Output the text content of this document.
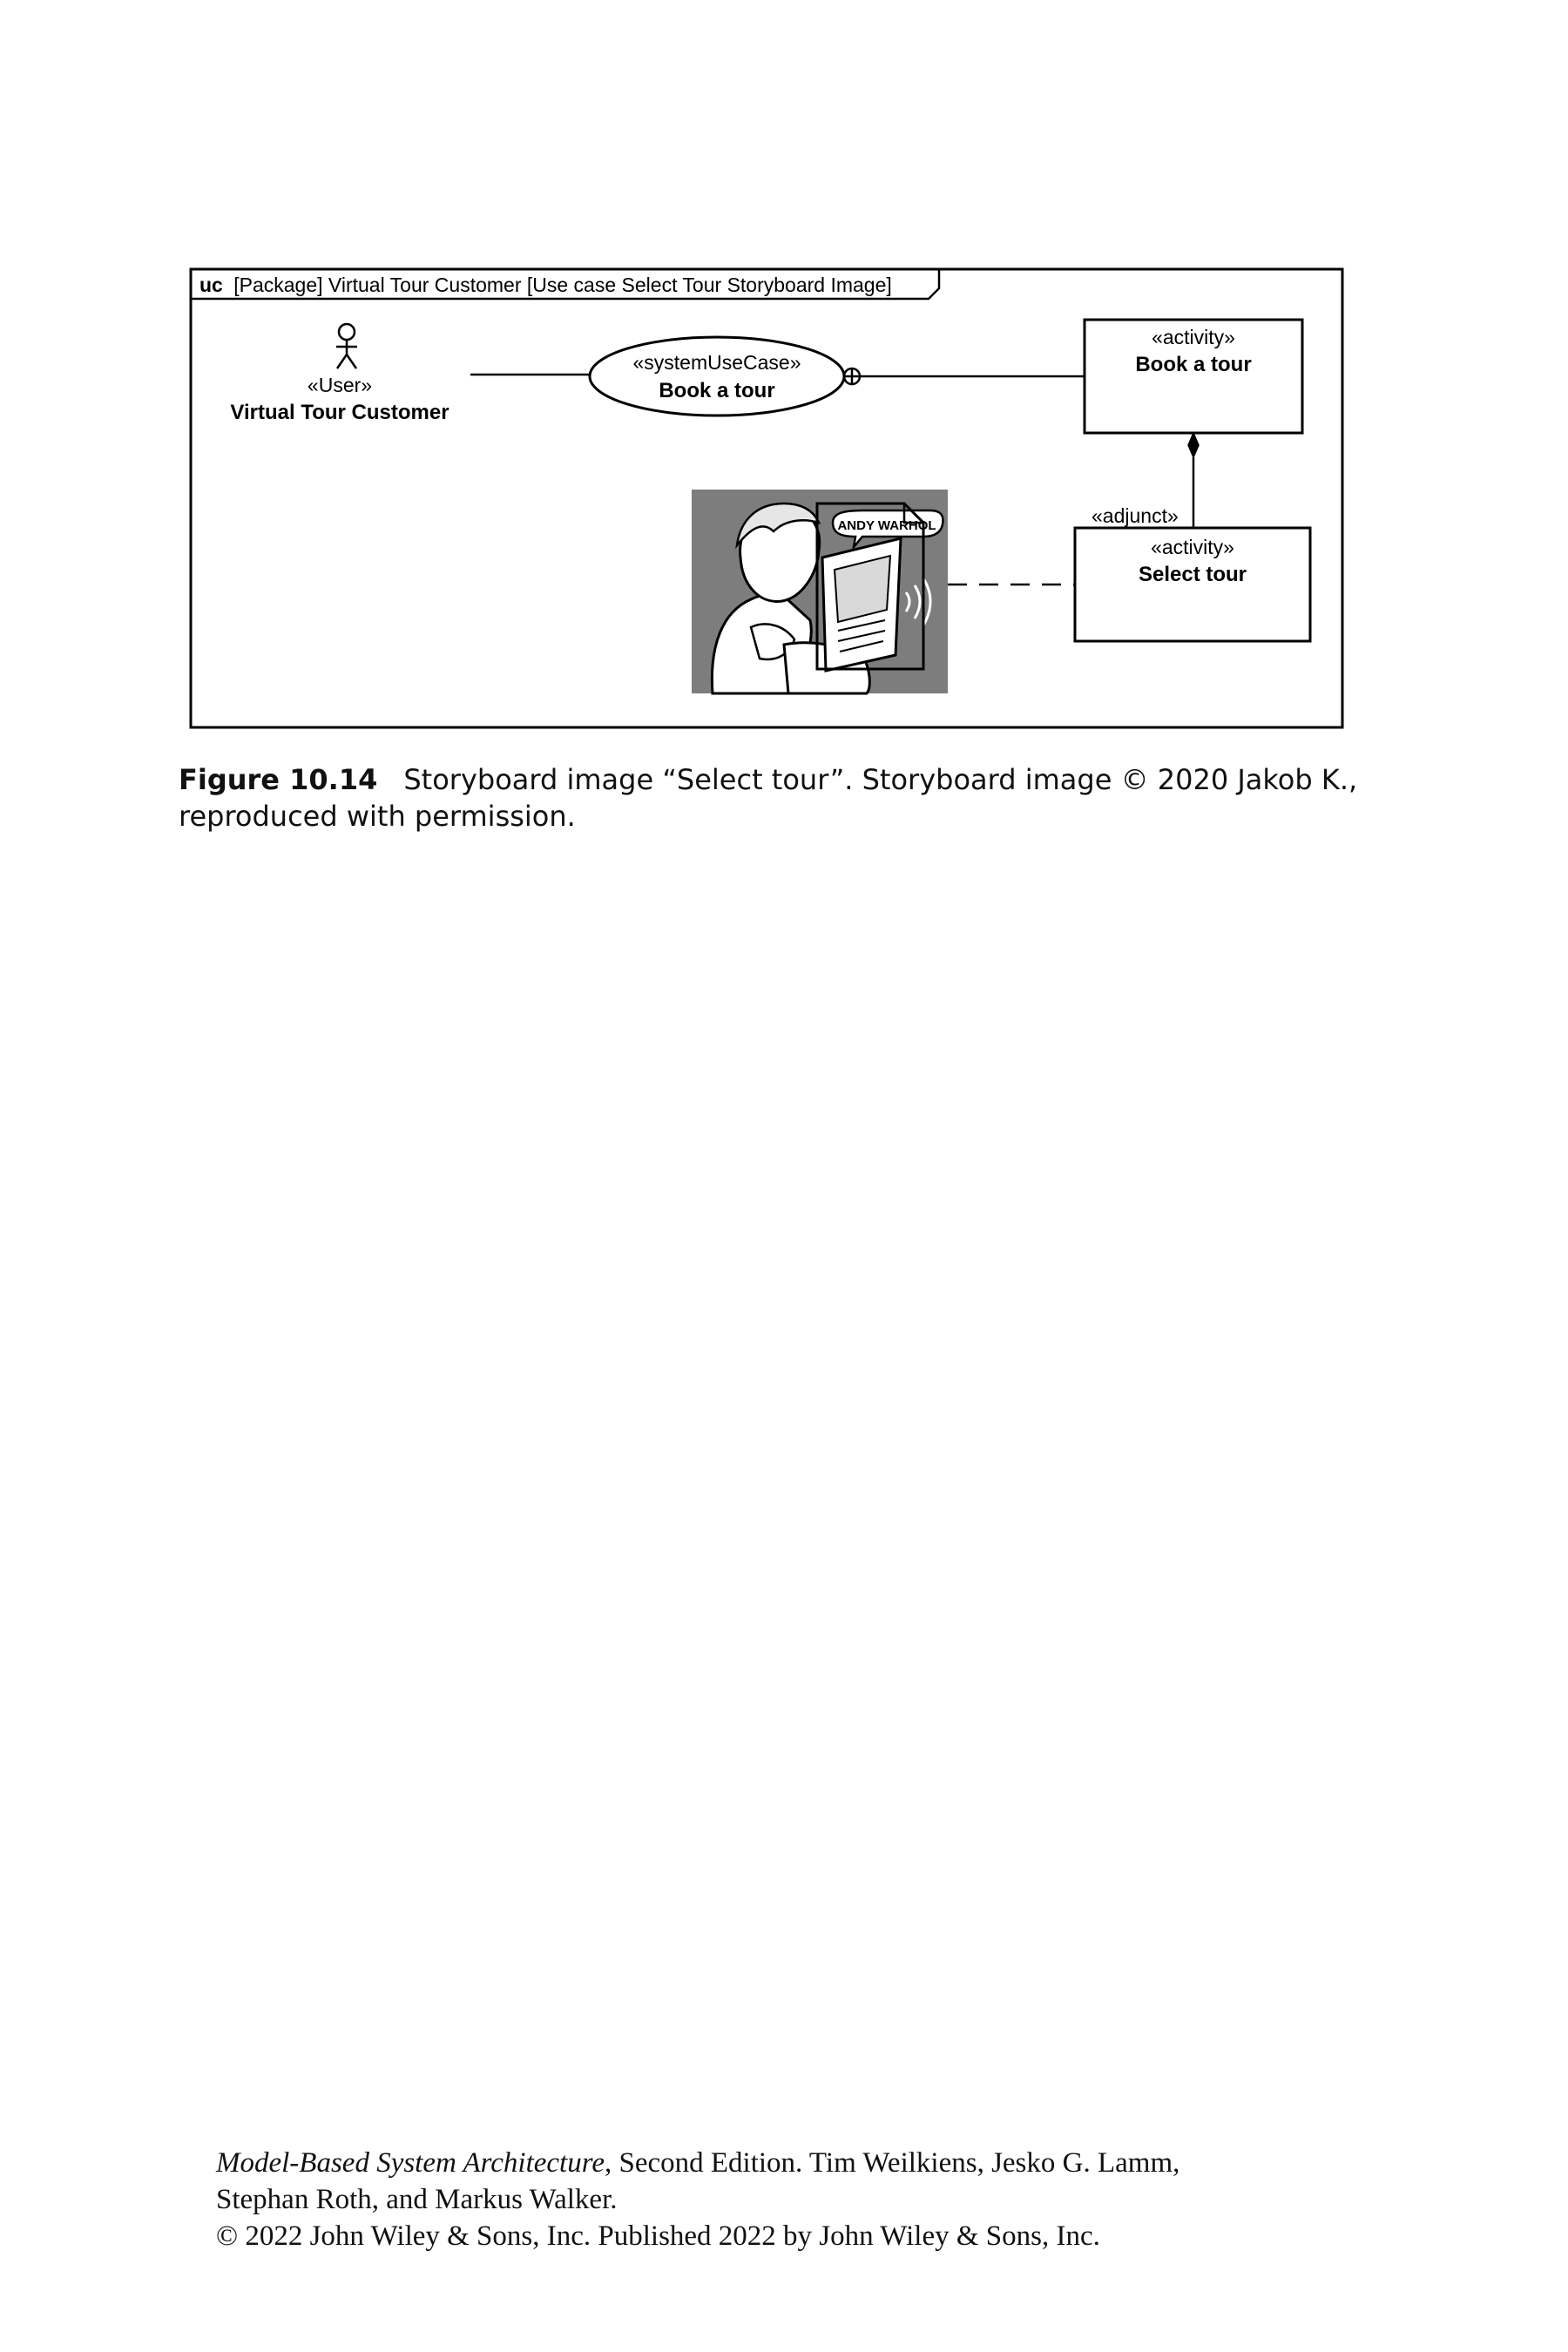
uc [Package] Virtual Tour Customer [Use case Select Tour Storyboard Image]
«User»
Virtual Tour Customer
«systemUseCase»
Book a tour
«activity»
Book a tour
«adjunct»
«activity»
Select tour
ANDY WARHOL
Figure 10.14 Storyboard image “Select tour”. Storyboard image © 2020 Jakob K., reproduced with permission.

Model-Based System Architecture, Second Edition. Tim Weilkiens, Jesko G. Lamm,

Stephan Roth, and Markus Walker.

© 2022 John Wiley & Sons, Inc. Published 2022 by John Wiley & Sons, Inc.
